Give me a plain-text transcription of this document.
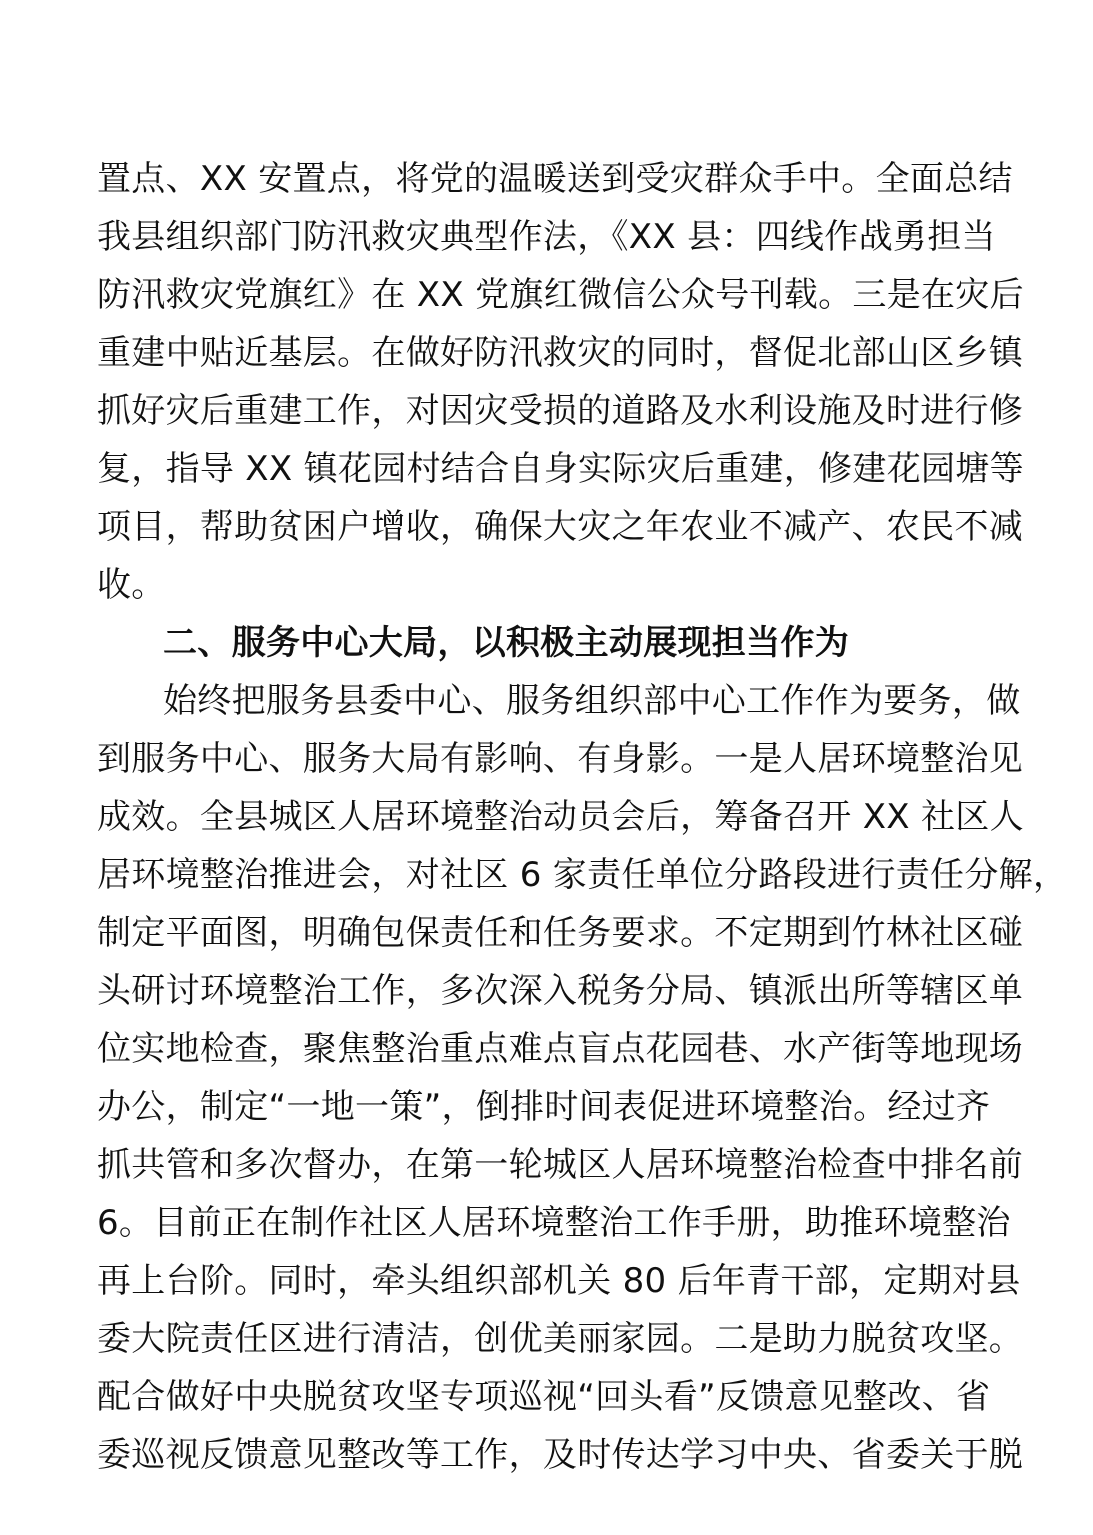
置点、XX 安置点，将党的温暖送到受灾群众手中。全面总结
我县组织部门防汛救灾典型作法，《XX 县：四线作战勇担当
防汛救灾党旗红》在 XX 党旗红微信公众号刊载。三是在灾后
重建中贴近基层。在做好防汛救灾的同时，督促北部山区乡镇
抓好灾后重建工作，对因灾受损的道路及水利设施及时进行修
复，指导 XX 镇花园村结合自身实际灾后重建，修建花园塘等
项目，帮助贫困户增收，确保大灾之年农业不减产、农民不减
收。
二、服务中心大局，以积极主动展现担当作为
始终把服务县委中心、服务组织部中心工作作为要务，做
到服务中心、服务大局有影响、有身影。一是人居环境整治见
成效。全县城区人居环境整治动员会后，筹备召开 XX 社区人
居环境整治推进会，对社区 6 家责任单位分路段进行责任分解，
制定平面图，明确包保责任和任务要求。不定期到竹林社区碰
头研讨环境整治工作，多次深入税务分局、镇派出所等辖区单
位实地检查，聚焦整治重点难点盲点花园巷、水产街等地现场
办公，制定“一地一策”，倒排时间表促进环境整治。经过齐
抓共管和多次督办，在第一轮城区人居环境整治检查中排名前
6。目前正在制作社区人居环境整治工作手册，助推环境整治
再上台阶。同时，牵头组织部机关 80 后年青干部，定期对县
委大院责任区进行清洁，创优美丽家园。二是助力脱贫攻坚。
配合做好中央脱贫攻坚专项巡视“回头看”反馈意见整改、省
委巡视反馈意见整改等工作，及时传达学习中央、省委关于脱
